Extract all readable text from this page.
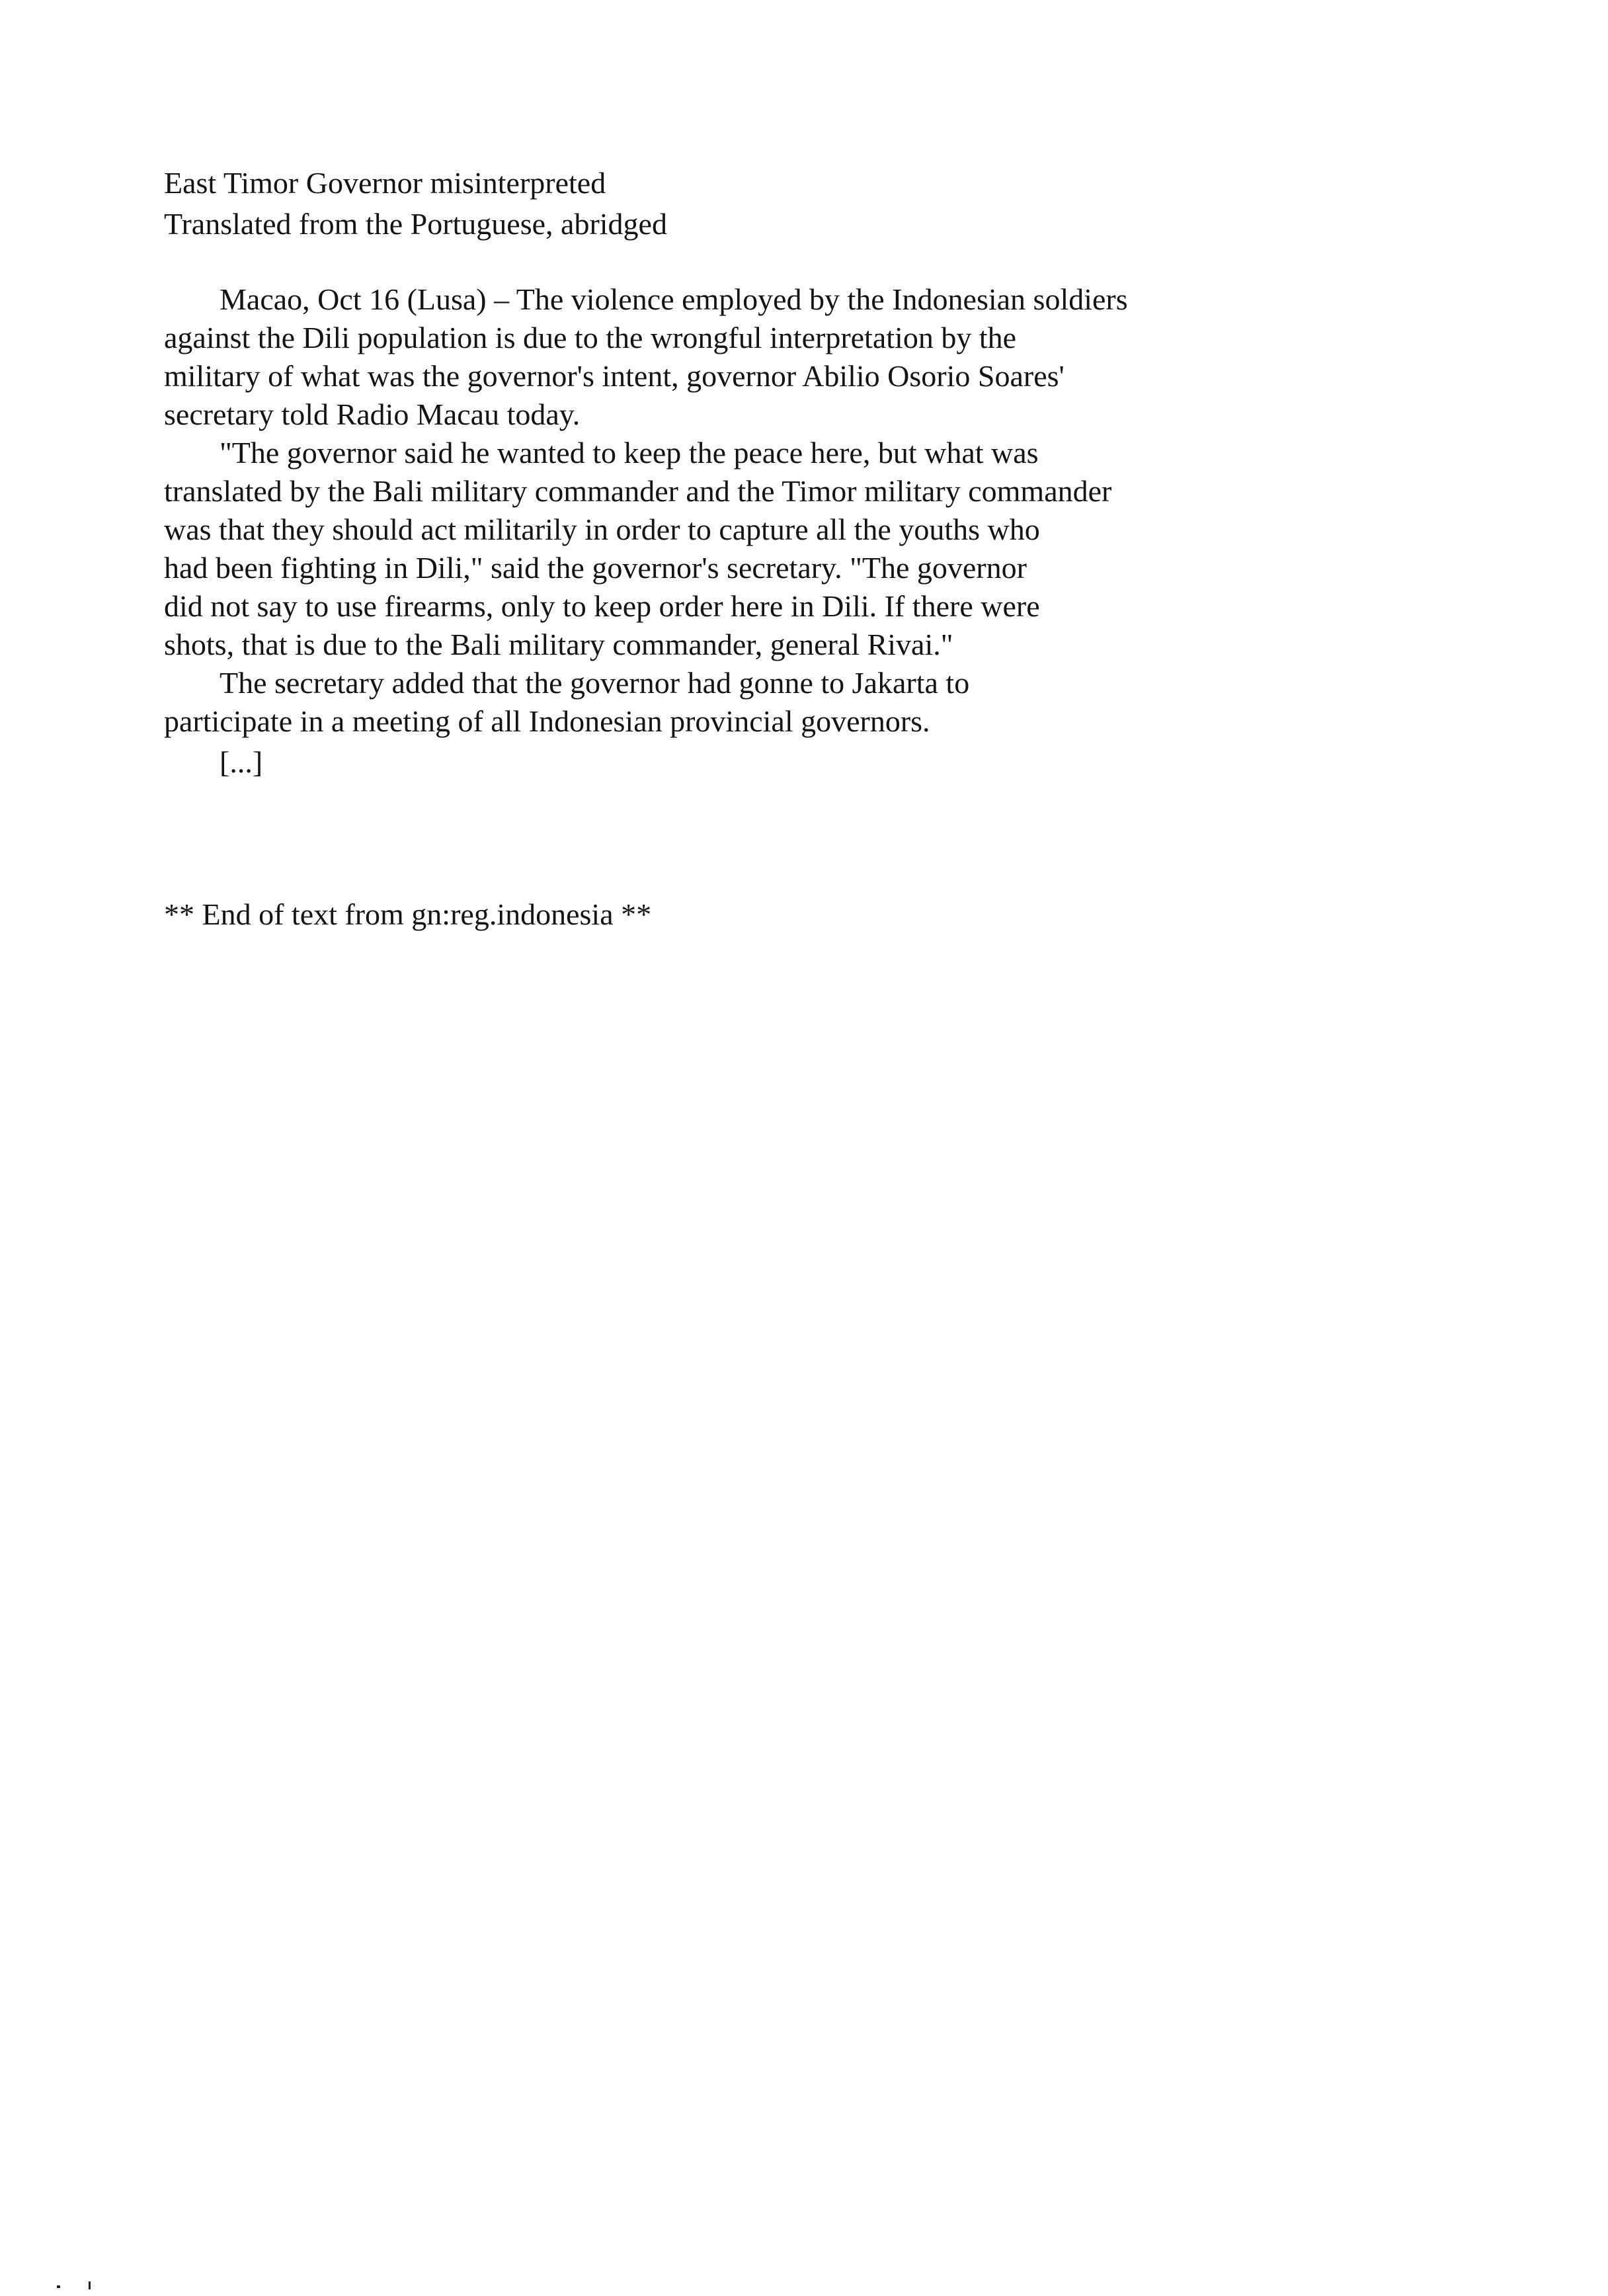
East Timor Governor misinterpreted
Translated from the Portuguese, abridged
Macao, Oct 16 (Lusa) – The violence employed by the Indonesian soldiers
against the Dili population is due to the wrongful interpretation by the
military of what was the governor's intent, governor Abilio Osorio Soares'
secretary told Radio Macau today.
"The governor said he wanted to keep the peace here, but what was
translated by the Bali military commander and the Timor military commander
was that they should act militarily in order to capture all the youths who
had been fighting in Dili," said the governor's secretary. "The governor
did not say to use firearms, only to keep order here in Dili. If there were
shots, that is due to the Bali military commander, general Rivai."
The secretary added that the governor had gonne to Jakarta to
participate in a meeting of all Indonesian provincial governors.
[...]
** End of text from gn:reg.indonesia **
